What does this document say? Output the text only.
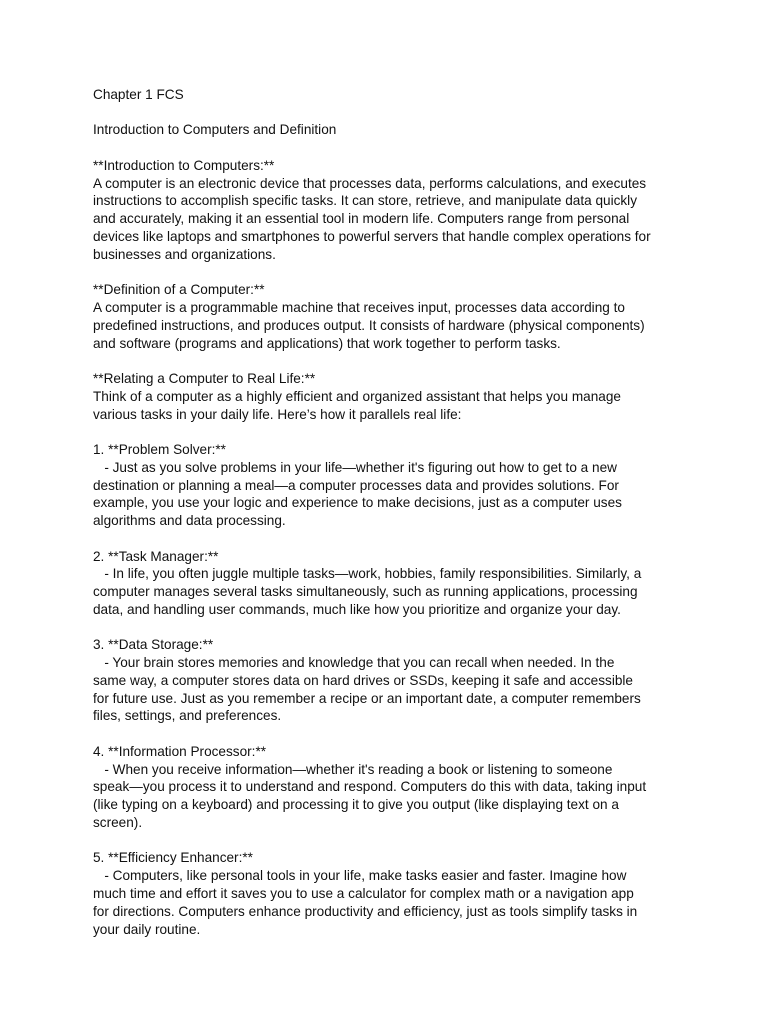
Chapter 1 FCS

Introduction to Computers and Definition

**Introduction to Computers:**

A computer is an electronic device that processes data, performs calculations, and executes

instructions to accomplish specific tasks. It can store, retrieve, and manipulate data quickly

and accurately, making it an essential tool in modern life. Computers range from personal

devices like laptops and smartphones to powerful servers that handle complex operations for

businesses and organizations.

**Definition of a Computer:**

A computer is a programmable machine that receives input, processes data according to

predefined instructions, and produces output. It consists of hardware (physical components)

and software (programs and applications) that work together to perform tasks.

**Relating a Computer to Real Life:**

Think of a computer as a highly efficient and organized assistant that helps you manage

various tasks in your daily life. Here’s how it parallels real life:

1. **Problem Solver:**

- Just as you solve problems in your life—whether it's figuring out how to get to a new

destination or planning a meal—a computer processes data and provides solutions. For

example, you use your logic and experience to make decisions, just as a computer uses

algorithms and data processing.

2. **Task Manager:**

- In life, you often juggle multiple tasks—work, hobbies, family responsibilities. Similarly, a

computer manages several tasks simultaneously, such as running applications, processing

data, and handling user commands, much like how you prioritize and organize your day.

3. **Data Storage:**

- Your brain stores memories and knowledge that you can recall when needed. In the

same way, a computer stores data on hard drives or SSDs, keeping it safe and accessible

for future use. Just as you remember a recipe or an important date, a computer remembers

files, settings, and preferences.

4. **Information Processor:**

- When you receive information—whether it's reading a book or listening to someone

speak—you process it to understand and respond. Computers do this with data, taking input

(like typing on a keyboard) and processing it to give you output (like displaying text on a

screen).

5. **Efficiency Enhancer:**

- Computers, like personal tools in your life, make tasks easier and faster. Imagine how

much time and effort it saves you to use a calculator for complex math or a navigation app

for directions. Computers enhance productivity and efficiency, just as tools simplify tasks in

your daily routine.
